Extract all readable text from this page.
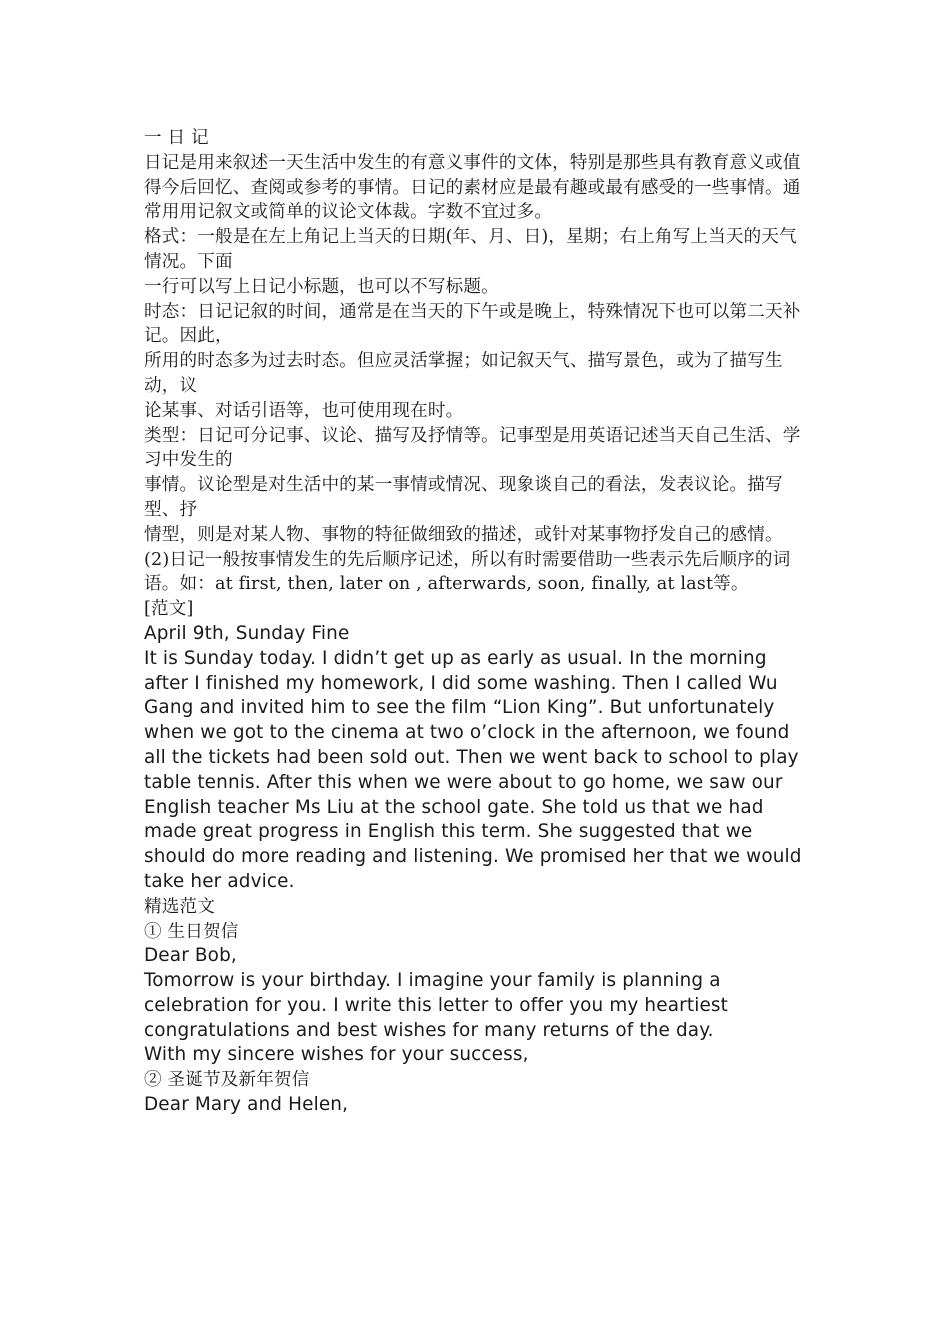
一 日 记

日记是用来叙述一天生活中发生的有意义事件的文体，特别是那些具有教育意义或值得今后回忆、查阅或参考的事情。日记的素材应是最有趣或最有感受的一些事情。通常用用记叙文或简单的议论文体裁。字数不宜过多。

格式：一般是在左上角记上当天的日期(年、月、日)，星期；右上角写上当天的天气情况。下面

一行可以写上日记小标题，也可以不写标题。

时态：日记记叙的时间，通常是在当天的下午或是晚上，特殊情况下也可以第二天补记。因此，

所用的时态多为过去时态。但应灵活掌握；如记叙天气、描写景色，或为了描写生动，议

论某事、对话引语等，也可使用现在时。

类型：日记可分记事、议论、描写及抒情等。记事型是用英语记述当天自己生活、学习中发生的

事情。议论型是对生活中的某一事情或情况、现象谈自己的看法，发表议论。描写型、抒

情型，则是对某人物、事物的特征做细致的描述，或针对某事物抒发自己的感情。

(2)日记一般按事情发生的先后顺序记述，所以有时需要借助一些表示先后顺序的词语。如：at first, then, later on , afterwards, soon, finally, at last等。

[范文]

April 9th, Sunday Fine

It is Sunday today. I didn’t get up as early as usual. In the morning after I finished my homework, I did some washing. Then I called Wu Gang and invited him to see the film “Lion King”. But unfortunately when we got to the cinema at two o’clock in the afternoon, we found all the tickets had been sold out. Then we went back to school to play table tennis. After this when we were about to go home, we saw our English teacher Ms Liu at the school gate. She told us that we had made great progress in English this term. She suggested that we should do more reading and listening. We promised her that we would take her advice.

精选范文

① 生日贺信

Dear Bob,

Tomorrow is your birthday. I imagine your family is planning a celebration for you. I write this letter to offer you my heartiest congratulations and best wishes for many returns of the day.

With my sincere wishes for your success,

② 圣诞节及新年贺信

Dear Mary and Helen,
